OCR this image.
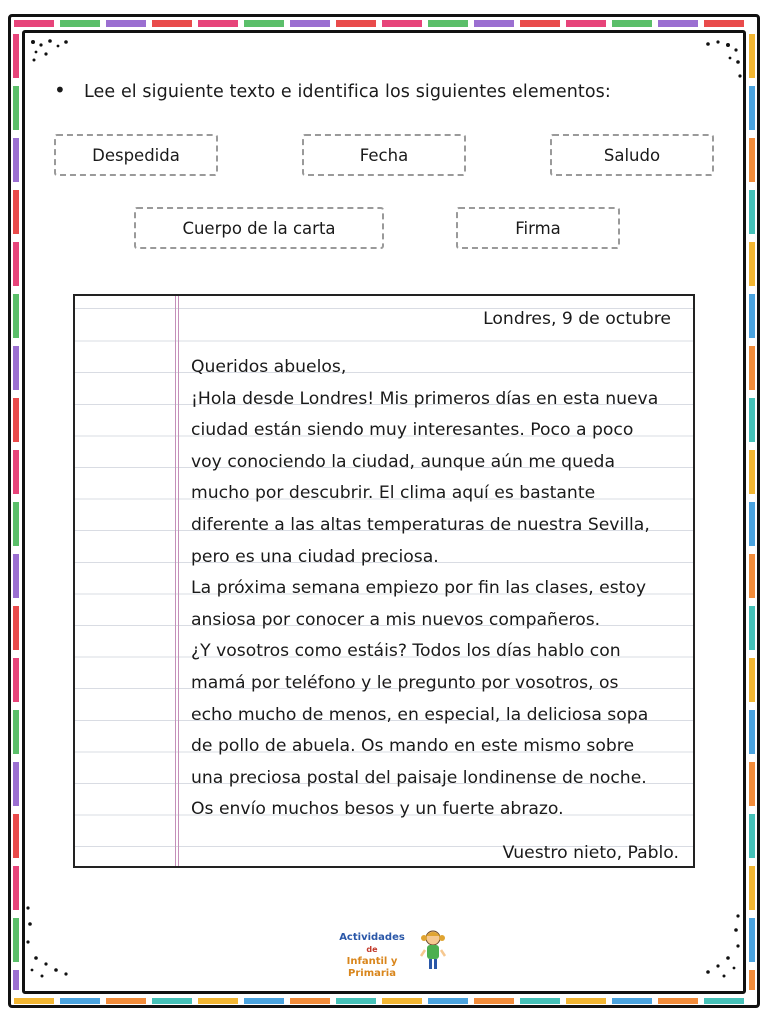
• Lee el siguiente texto e identifica los siguientes elementos:
Despedida	Fecha	Saludo
Cuerpo de la carta	Firma
Londres, 9 de octubre
Queridos abuelos,
¡Hola desde Londres! Mis primeros días en esta nueva
ciudad están siendo muy interesantes. Poco a poco
voy conociendo la ciudad, aunque aún me queda
mucho por descubrir. El clima aquí es bastante
diferente a las altas temperaturas de nuestra Sevilla,
pero es una ciudad preciosa.
La próxima semana empiezo por fin las clases, estoy
ansiosa por conocer a mis nuevos compañeros.
¿Y vosotros como estáis? Todos los días hablo con
mamá por teléfono y le pregunto por vosotros, os
echo mucho de menos, en especial, la deliciosa sopa
de pollo de abuela. Os mando en este mismo sobre
una preciosa postal del paisaje londinense de noche.
Os envío muchos besos y un fuerte abrazo.
Vuestro nieto, Pablo.
Actividades
de
Infantil y Primaria
